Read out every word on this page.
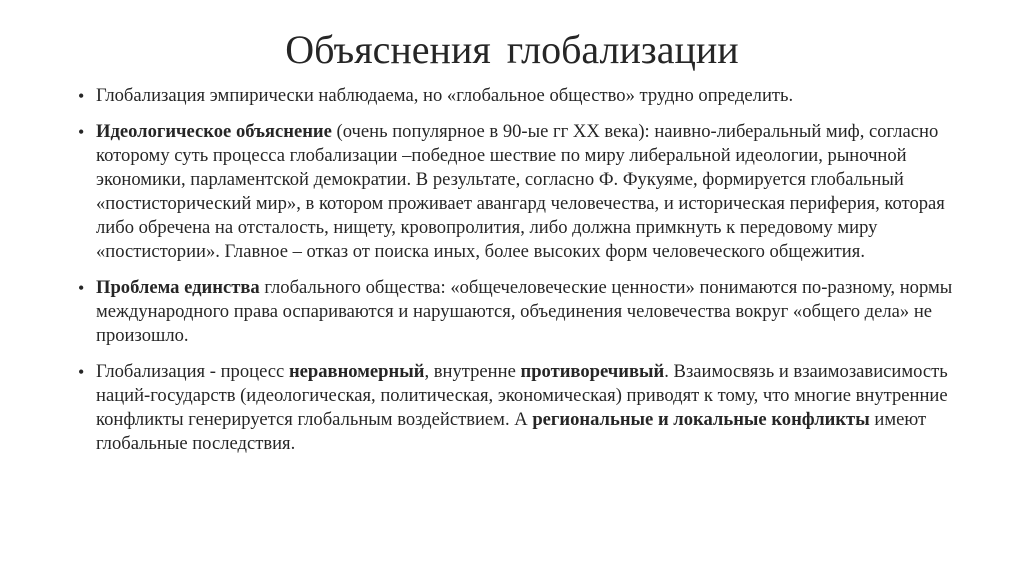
Объяснения глобализации
• Глобализация эмпирически наблюдаема, но «глобальное общество» трудно определить.
• Идеологическое объяснение (очень популярное в 90-ые гг XX века): наивно-либеральный миф, согласно которому суть процесса глобализации –победное шествие по миру либеральной идеологии, рыночной экономики, парламентской демократии. В результате, согласно Ф. Фукуяме, формируется глобальный «постисторический мир», в котором проживает авангард человечества, и историческая периферия, которая либо обречена на отсталость, нищету, кровопролития, либо должна примкнуть к передовому миру «постистории». Главное – отказ от поиска иных, более высоких форм человеческого общежития.
• Проблема единства глобального общества: «общечеловеческие ценности» понимаются по-разному, нормы международного права оспариваются и нарушаются, объединения человечества вокруг «общего дела» не произошло.
• Глобализация - процесс неравномерный, внутренне противоречивый. Взаимосвязь и взаимозависимость наций-государств (идеологическая, политическая, экономическая) приводят к тому, что многие внутренние конфликты генерируется глобальным воздействием. А региональные и локальные конфликты имеют глобальные последствия.
